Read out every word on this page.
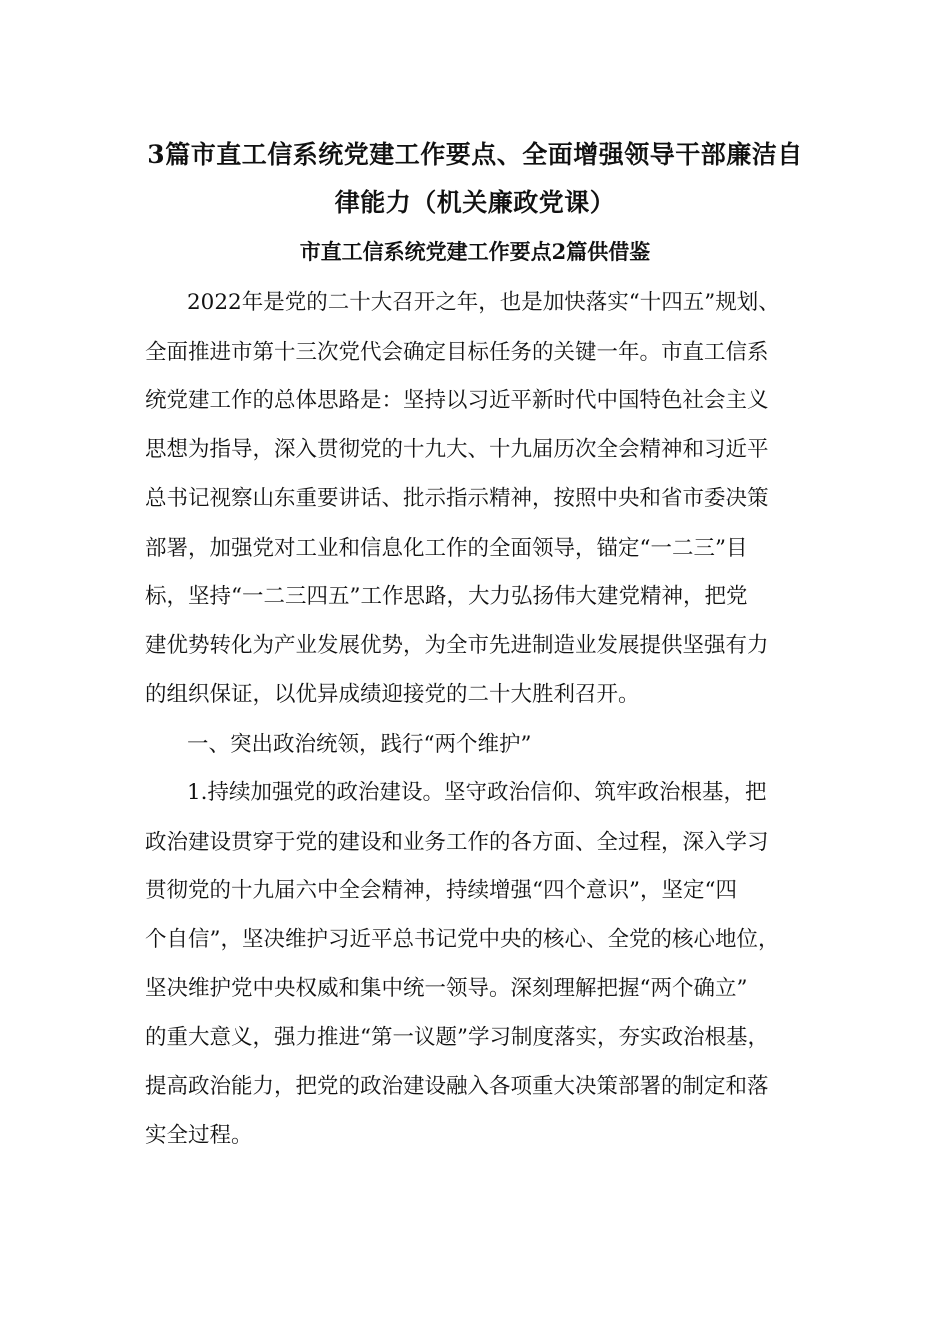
3篇市直工信系统党建工作要点、全面增强领导干部廉洁自
律能力（机关廉政党课）
市直工信系统党建工作要点2篇供借鉴
2022年是党的二十大召开之年，也是加快落实“十四五”规划、
全面推进市第十三次党代会确定目标任务的关键一年。市直工信系
统党建工作的总体思路是：坚持以习近平新时代中国特色社会主义
思想为指导，深入贯彻党的十九大、十九届历次全会精神和习近平
总书记视察山东重要讲话、批示指示精神，按照中央和省市委决策
部署，加强党对工业和信息化工作的全面领导，锚定“一二三”目
标，坚持“一二三四五”工作思路，大力弘扬伟大建党精神，把党
建优势转化为产业发展优势，为全市先进制造业发展提供坚强有力
的组织保证，以优异成绩迎接党的二十大胜利召开。
一、突出政治统领，践行“两个维护”
1.持续加强党的政治建设。坚守政治信仰、筑牢政治根基，把
政治建设贯穿于党的建设和业务工作的各方面、全过程，深入学习
贯彻党的十九届六中全会精神，持续增强“四个意识”，坚定“四
个自信”，坚决维护习近平总书记党中央的核心、全党的核心地位，
坚决维护党中央权威和集中统一领导。深刻理解把握“两个确立”
的重大意义，强力推进“第一议题”学习制度落实，夯实政治根基，
提高政治能力，把党的政治建设融入各项重大决策部署的制定和落
实全过程。
